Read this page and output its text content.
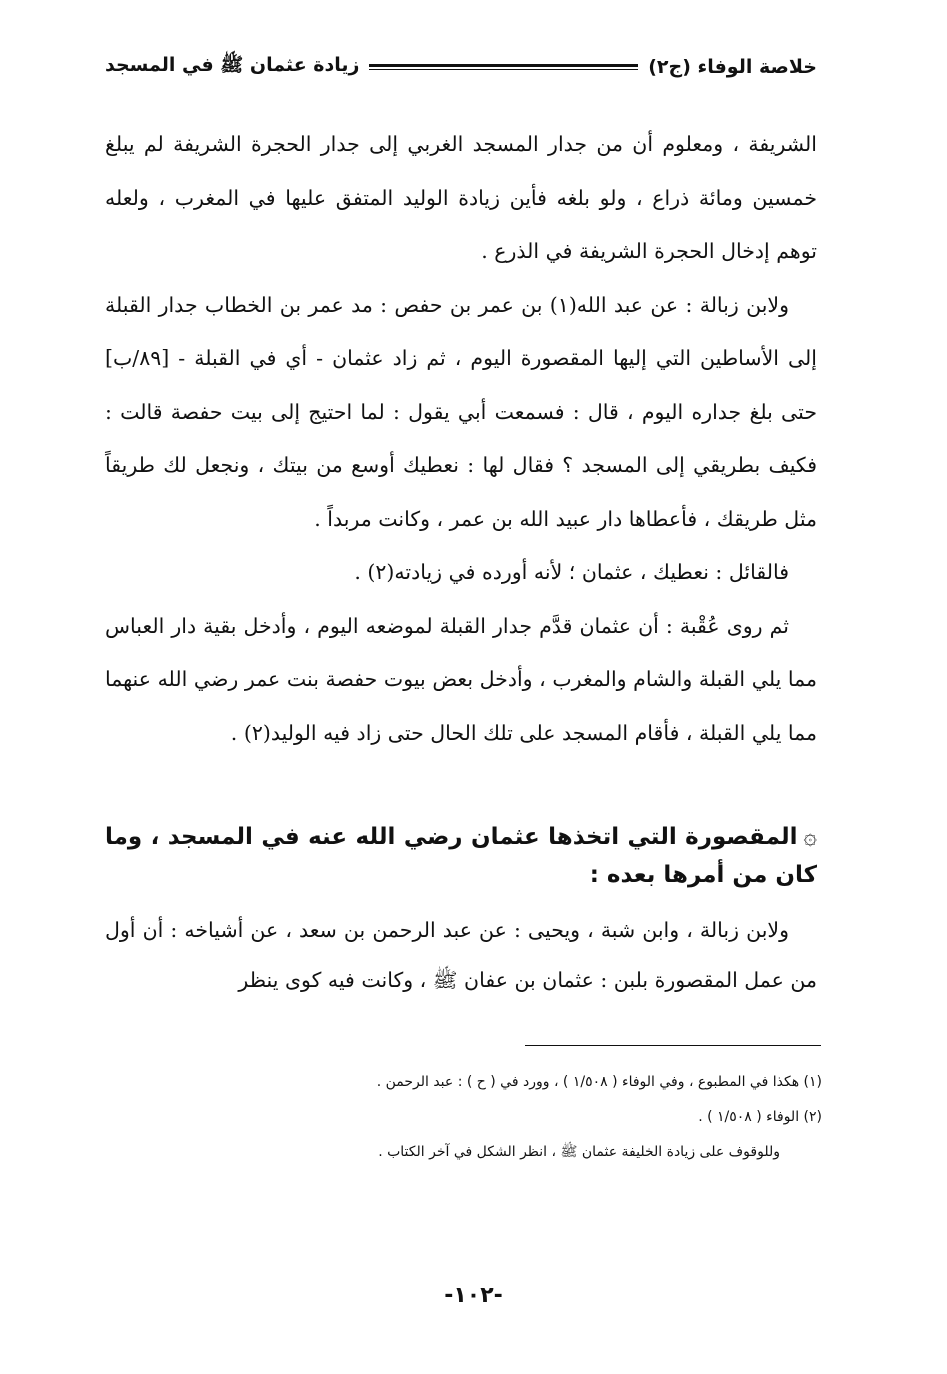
خلاصة الوفاء (ج٢)
زيادة عثمان ﷺ في المسجد

الشريفة ، ومعلوم أن من جدار المسجد الغربي إلى جدار الحجرة الشريفة لم يبلغ خمسين ومائة ذراع ، ولو بلغه فأين زيادة الوليد المتفق عليها في المغرب ، ولعله توهم إدخال الحجرة الشريفة في الذرع .

ولابن زبالة : عن عبد الله(١) بن عمر بن حفص : مد عمر بن الخطاب جدار القبلة إلى الأساطين التي إليها المقصورة اليوم ، ثم زاد عثمان - أي في القبلة - [٨٩/ب] حتى بلغ جداره اليوم ، قال : فسمعت أبي يقول : لما احتيج إلى بيت حفصة قالت : فكيف بطريقي إلى المسجد ؟ فقال لها : نعطيك أوسع من بيتك ، ونجعل لك طريقاً مثل طريقك ، فأعطاها دار عبيد الله بن عمر ، وكانت مربداً .

فالقائل : نعطيك ، عثمان ؛ لأنه أورده في زيادته(٢) .

ثم روى عُقْبة : أن عثمان قدَّم جدار القبلة لموضعه اليوم ، وأدخل بقية دار العباس مما يلي القبلة والشام والمغرب ، وأدخل بعض بيوت حفصة بنت عمر رضي الله عنهما مما يلي القبلة ، فأقام المسجد على تلك الحال حتى زاد فيه الوليد(٢) .

۞المقصورة التي اتخذها عثمان رضي الله عنه في المسجد ، وما كان من أمرها بعده :

ولابن زبالة ، وابن شبة ، ويحيى : عن عبد الرحمن بن سعد ، عن أشياخه : أن أول من عمل المقصورة بلبن : عثمان بن عفان ﷺ ، وكانت فيه كوى ينظر

(١) هكذا في المطبوع ، وفي الوفاء ( ١/٥٠٨ ) ، وورد في ( ح ) : عبد الرحمن .
(٢) الوفاء ( ١/٥٠٨ ) .
وللوقوف على زيادة الخليفة عثمان ﷺ ، انظر الشكل في آخر الكتاب .
-١٠٢-
